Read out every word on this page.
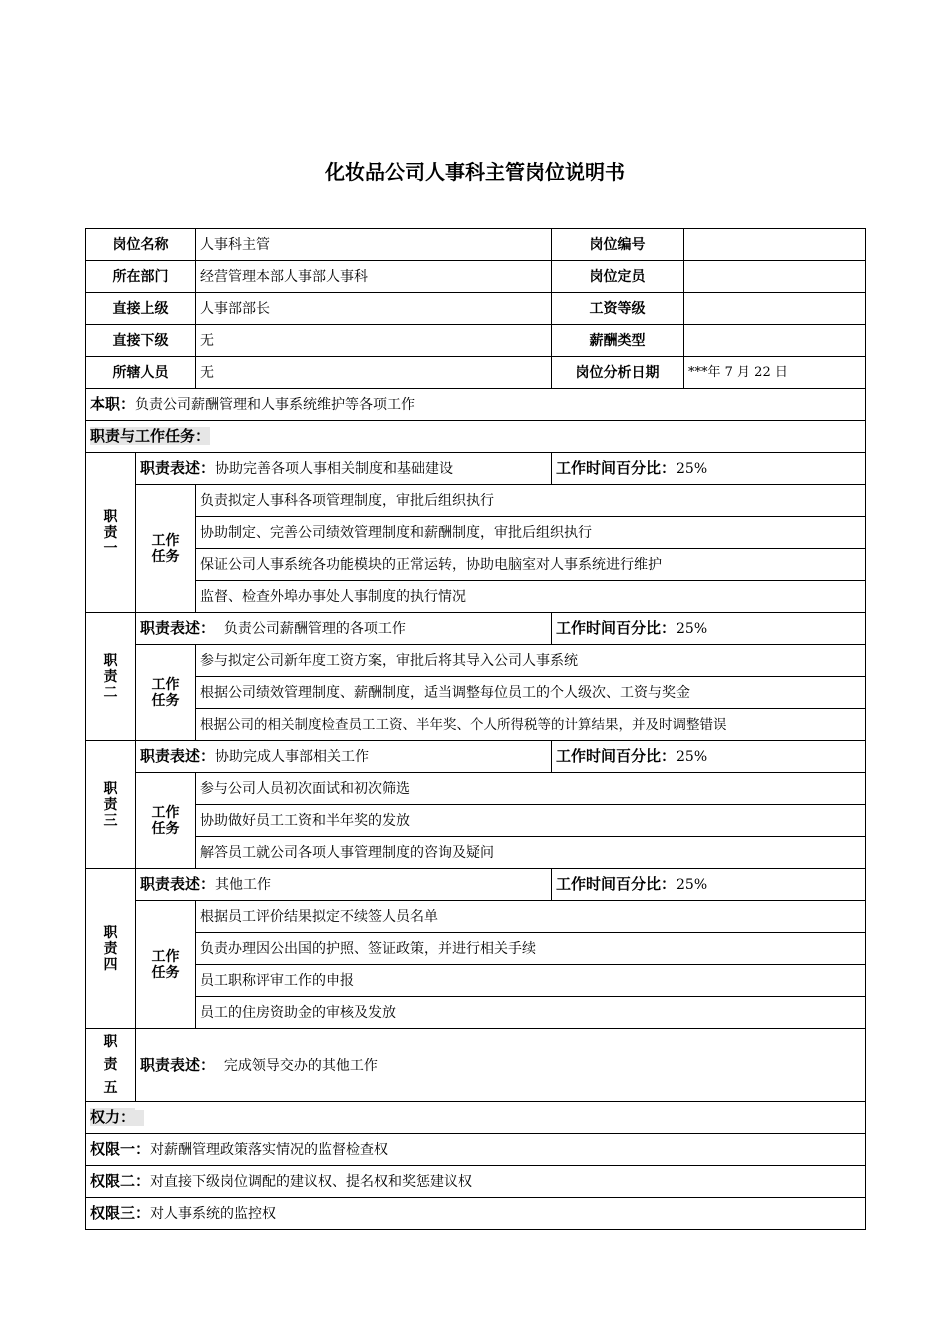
化妆品公司人事科主管岗位说明书
岗位名称		人事科主管	岗位编号	
所在部门		经营管理本部人事部人事科	岗位定员	
直接上级		人事部部长	工资等级	
直接下级		无	薪酬类型	
所辖人员		无	岗位分析日期	***年 7 月 22 日
本职：负责公司薪酬管理和人事系统维护等各项工作				
职责与工作任务：				
职
责
一	职责表述：协助完善各项人事相关制度和基础建设		工作时间百分比：25%	
	工作
任务	负责拟定人事科各项管理制度，审批后组织执行		
		协助制定、完善公司绩效管理制度和薪酬制度，审批后组织执行		
		保证公司人事系统各功能模块的正常运转，协助电脑室对人事系统进行维护		
		监督、检查外埠办事处人事制度的执行情况		
职
责
二	职责表述： 负责公司薪酬管理的各项工作		工作时间百分比：25%	
	工作
任务	参与拟定公司新年度工资方案，审批后将其导入公司人事系统		
		根据公司绩效管理制度、薪酬制度，适当调整每位员工的个人级次、工资与奖金		
		根据公司的相关制度检查员工工资、半年奖、个人所得税等的计算结果，并及时调整错误		
职
责
三	职责表述：协助完成人事部相关工作		工作时间百分比：25%	
	工作
任务	参与公司人员初次面试和初次筛选		
		协助做好员工工资和半年奖的发放		
		解答员工就公司各项人事管理制度的咨询及疑问		
职
责
四	职责表述：其他工作		工作时间百分比：25%	
	工作
任务	根据员工评价结果拟定不续签人员名单		
		负责办理因公出国的护照、签证政策，并进行相关手续		
		员工职称评审工作的申报		
		员工的住房资助金的审核及发放		
职
责
五	职责表述： 完成领导交办的其他工作			
权力：				
权限一：对薪酬管理政策落实情况的监督检查权				
权限二：对直接下级岗位调配的建议权、提名权和奖惩建议权				
权限三：对人事系统的监控权				
